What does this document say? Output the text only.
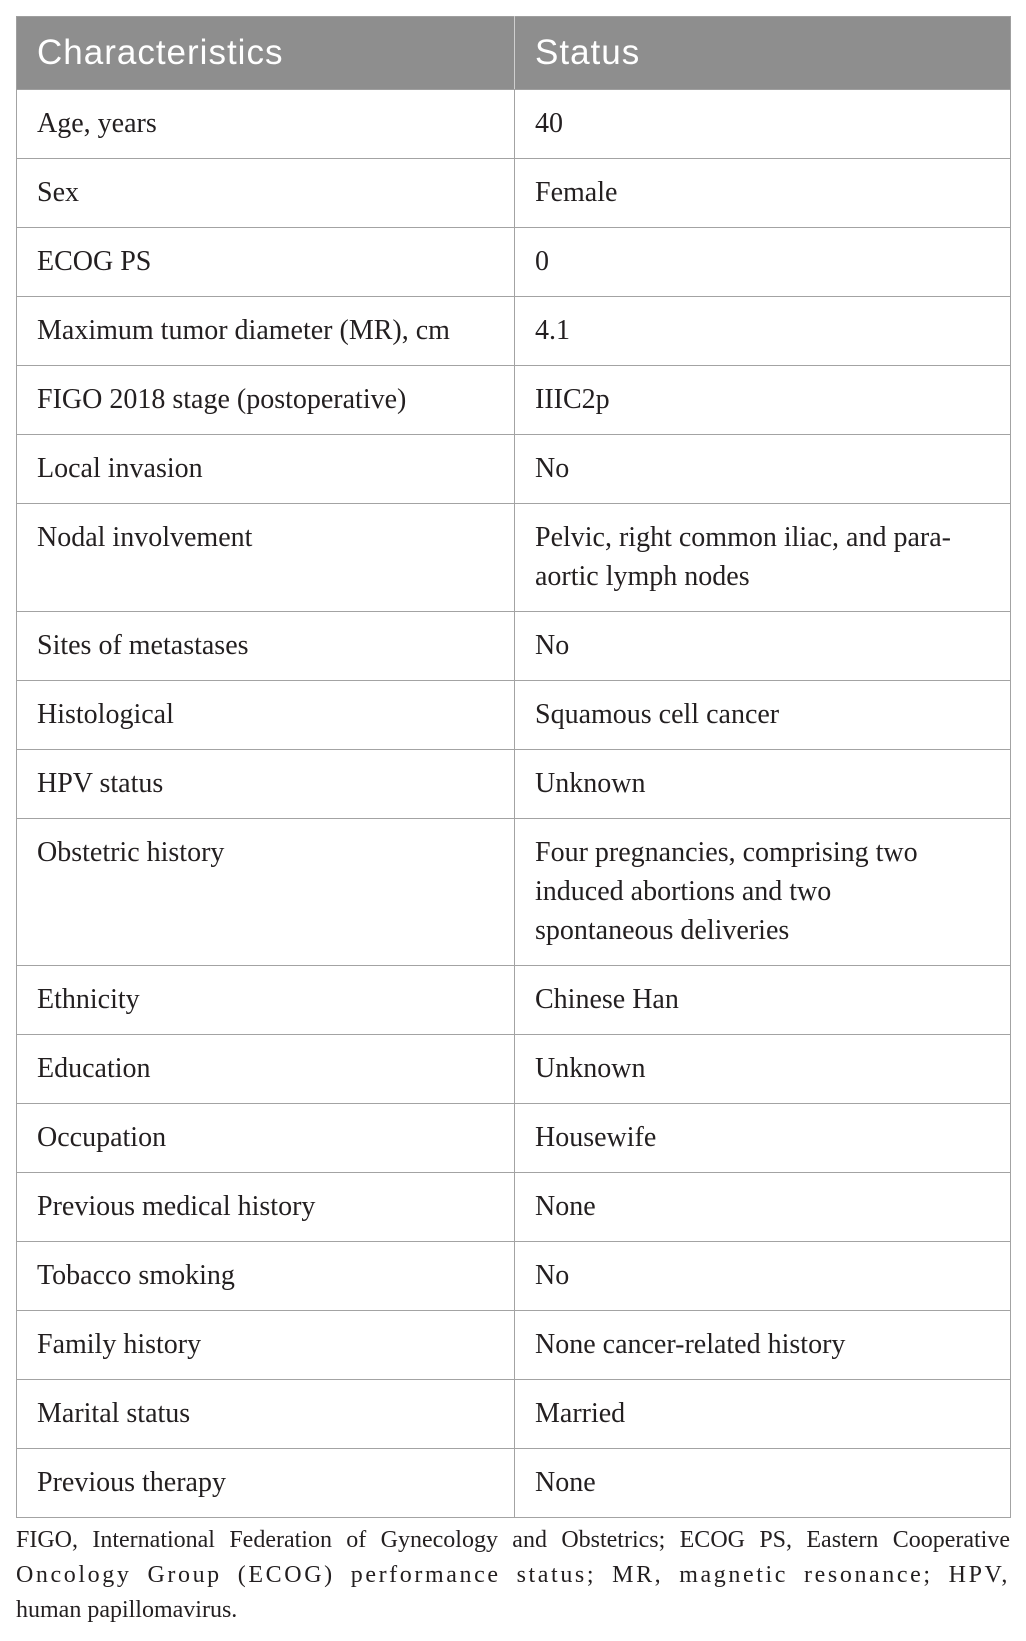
Characteristics	Status
Age, years	40
Sex	Female
ECOG PS	0
Maximum tumor diameter (MR), cm	4.1
FIGO 2018 stage (postoperative)	IIIC2p
Local invasion	No
Nodal involvement	Pelvic, right common iliac, and para-aortic lymph nodes
Sites of metastases	No
Histological	Squamous cell cancer
HPV status	Unknown
Obstetric history	Four pregnancies, comprising two induced abortions and two spontaneous deliveries
Ethnicity	Chinese Han
Education	Unknown
Occupation	Housewife
Previous medical history	None
Tobacco smoking	No
Family history	None cancer-related history
Marital status	Married
Previous therapy	None
FIGO, International Federation of Gynecology and Obstetrics; ECOG PS, Eastern Cooperative
Oncology Group (ECOG) performance status; MR, magnetic resonance; HPV,
human papillomavirus.
